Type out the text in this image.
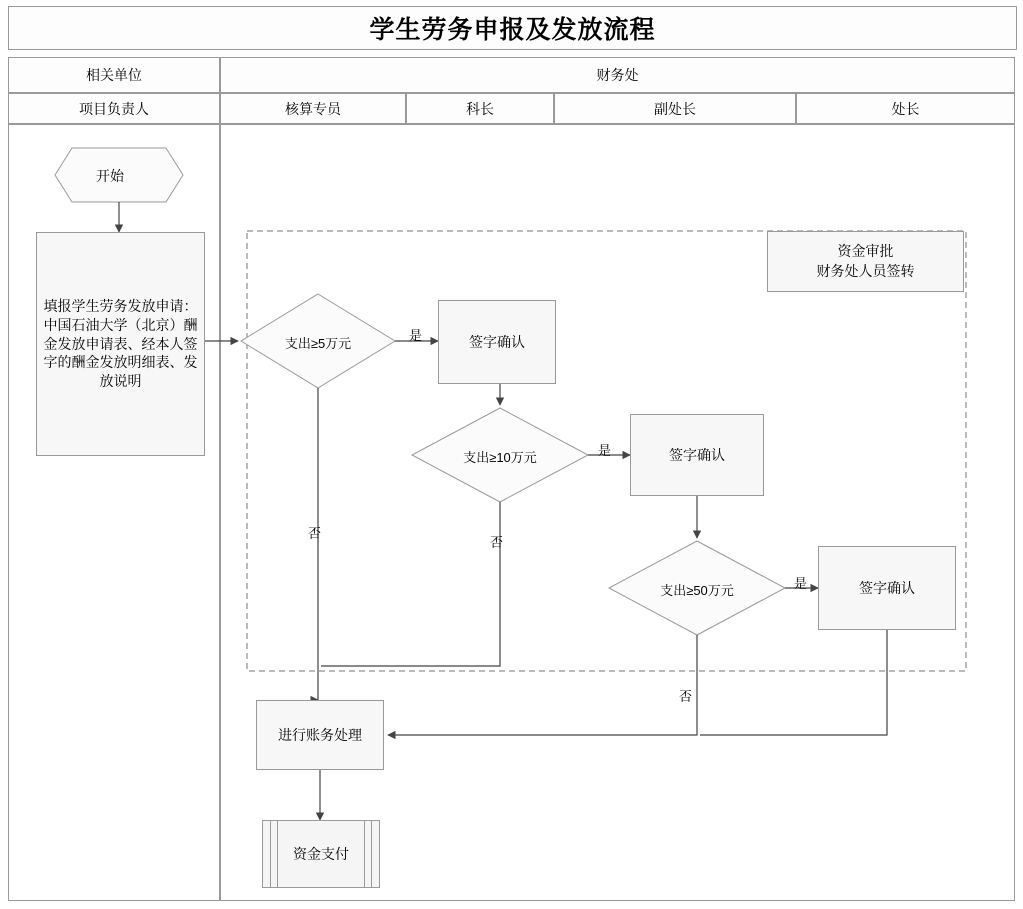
学生劳务申报及发放流程
相关单位	财务处
项目负责人	核算专员	科长	副处长	处长
开始
填报学生劳务发放申请：中国石油大学（北京）酬金发放申请表、经本人签字的酬金发放明细表、发放说明
支出≥5万元
支出≥10万元
支出≥50万元
签字确认
签字确认
签字确认
资金审批
财务处人员签转
进行账务处理
资金支付
是
是
是
否
否
否
